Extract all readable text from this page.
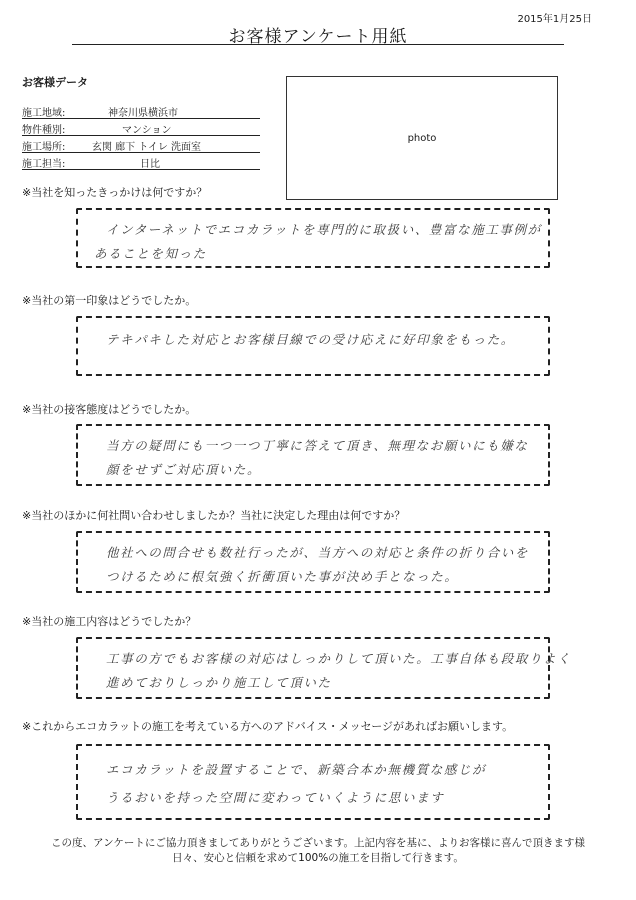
2015年1月25日
お客様アンケート用紙
お客様データ
施工地域:	神奈川県横浜市
物件種別:	マンション
施工場所:	玄関 廊下 トイレ 洗面室
施工担当:	日比
photo
※当社を知ったきっかけは何ですか？
インターネットでエコカラットを専門的に取扱い、豊富な施工事例が
あることを知った
※当社の第一印象はどうでしたか。
テキパキした対応とお客様目線での受け応えに好印象をもった。
※当社の接客態度はどうでしたか。
当方の疑問にも一つ一つ丁寧に答えて頂き、無理なお願いにも嫌な
顔をせずご対応頂いた。
※当社のほかに何社問い合わせしましたか？当社に決定した理由は何ですか？
他社への問合せも数社行ったが、当方への対応と条件の折り合いを
つけるために根気強く折衝頂いた事が決め手となった。
※当社の施工内容はどうでしたか？
工事の方でもお客様の対応はしっかりして頂いた。工事自体も段取りよく
進めておりしっかり施工して頂いた
※これからエコカラットの施工を考えている方へのアドバイス・メッセージがあればお願いします。
エコカラットを設置することで、新築合本か無機質な感じが
うるおいを持った空間に変わっていくように思います
この度、アンケートにご協力頂きましてありがとうございます。上記内容を基に、よりお客様に喜んで頂きます様
日々、安心と信頼を求めて100%の施工を目指して行きます。
